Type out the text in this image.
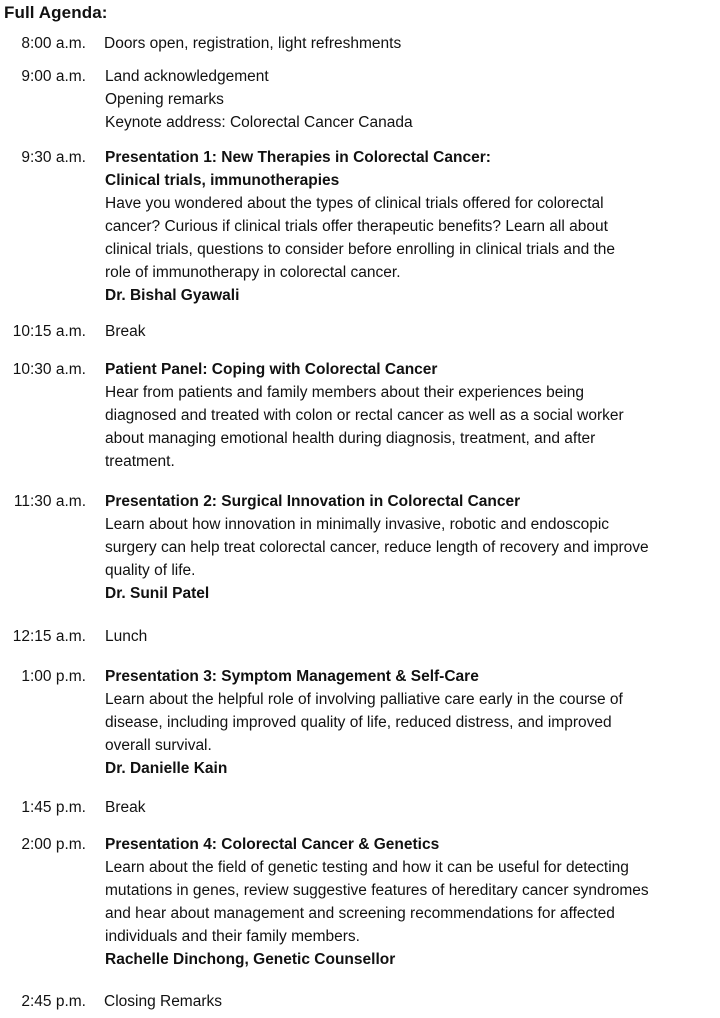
Full Agenda:
8:00 a.m. Doors open, registration, light refreshments
9:00 a.m. Land acknowledgement
Opening remarks
Keynote address: Colorectal Cancer Canada
9:30 a.m. Presentation 1: New Therapies in Colorectal Cancer:
Clinical trials, immunotherapies
Have you wondered about the types of clinical trials offered for colorectal
cancer? Curious if clinical trials offer therapeutic benefits? Learn all about
clinical trials, questions to consider before enrolling in clinical trials and the
role of immunotherapy in colorectal cancer.
Dr. Bishal Gyawali
10:15 a.m. Break
10:30 a.m. Patient Panel: Coping with Colorectal Cancer
Hear from patients and family members about their experiences being
diagnosed and treated with colon or rectal cancer as well as a social worker
about managing emotional health during diagnosis, treatment, and after
treatment.
11:30 a.m. Presentation 2: Surgical Innovation in Colorectal Cancer
Learn about how innovation in minimally invasive, robotic and endoscopic
surgery can help treat colorectal cancer, reduce length of recovery and improve
quality of life.
Dr. Sunil Patel
12:15 a.m. Lunch
1:00 p.m. Presentation 3: Symptom Management & Self-Care
Learn about the helpful role of involving palliative care early in the course of
disease, including improved quality of life, reduced distress, and improved
overall survival.
Dr. Danielle Kain
1:45 p.m. Break
2:00 p.m. Presentation 4: Colorectal Cancer & Genetics
Learn about the field of genetic testing and how it can be useful for detecting
mutations in genes, review suggestive features of hereditary cancer syndromes
and hear about management and screening recommendations for affected
individuals and their family members.
Rachelle Dinchong, Genetic Counsellor
2:45 p.m. Closing Remarks
